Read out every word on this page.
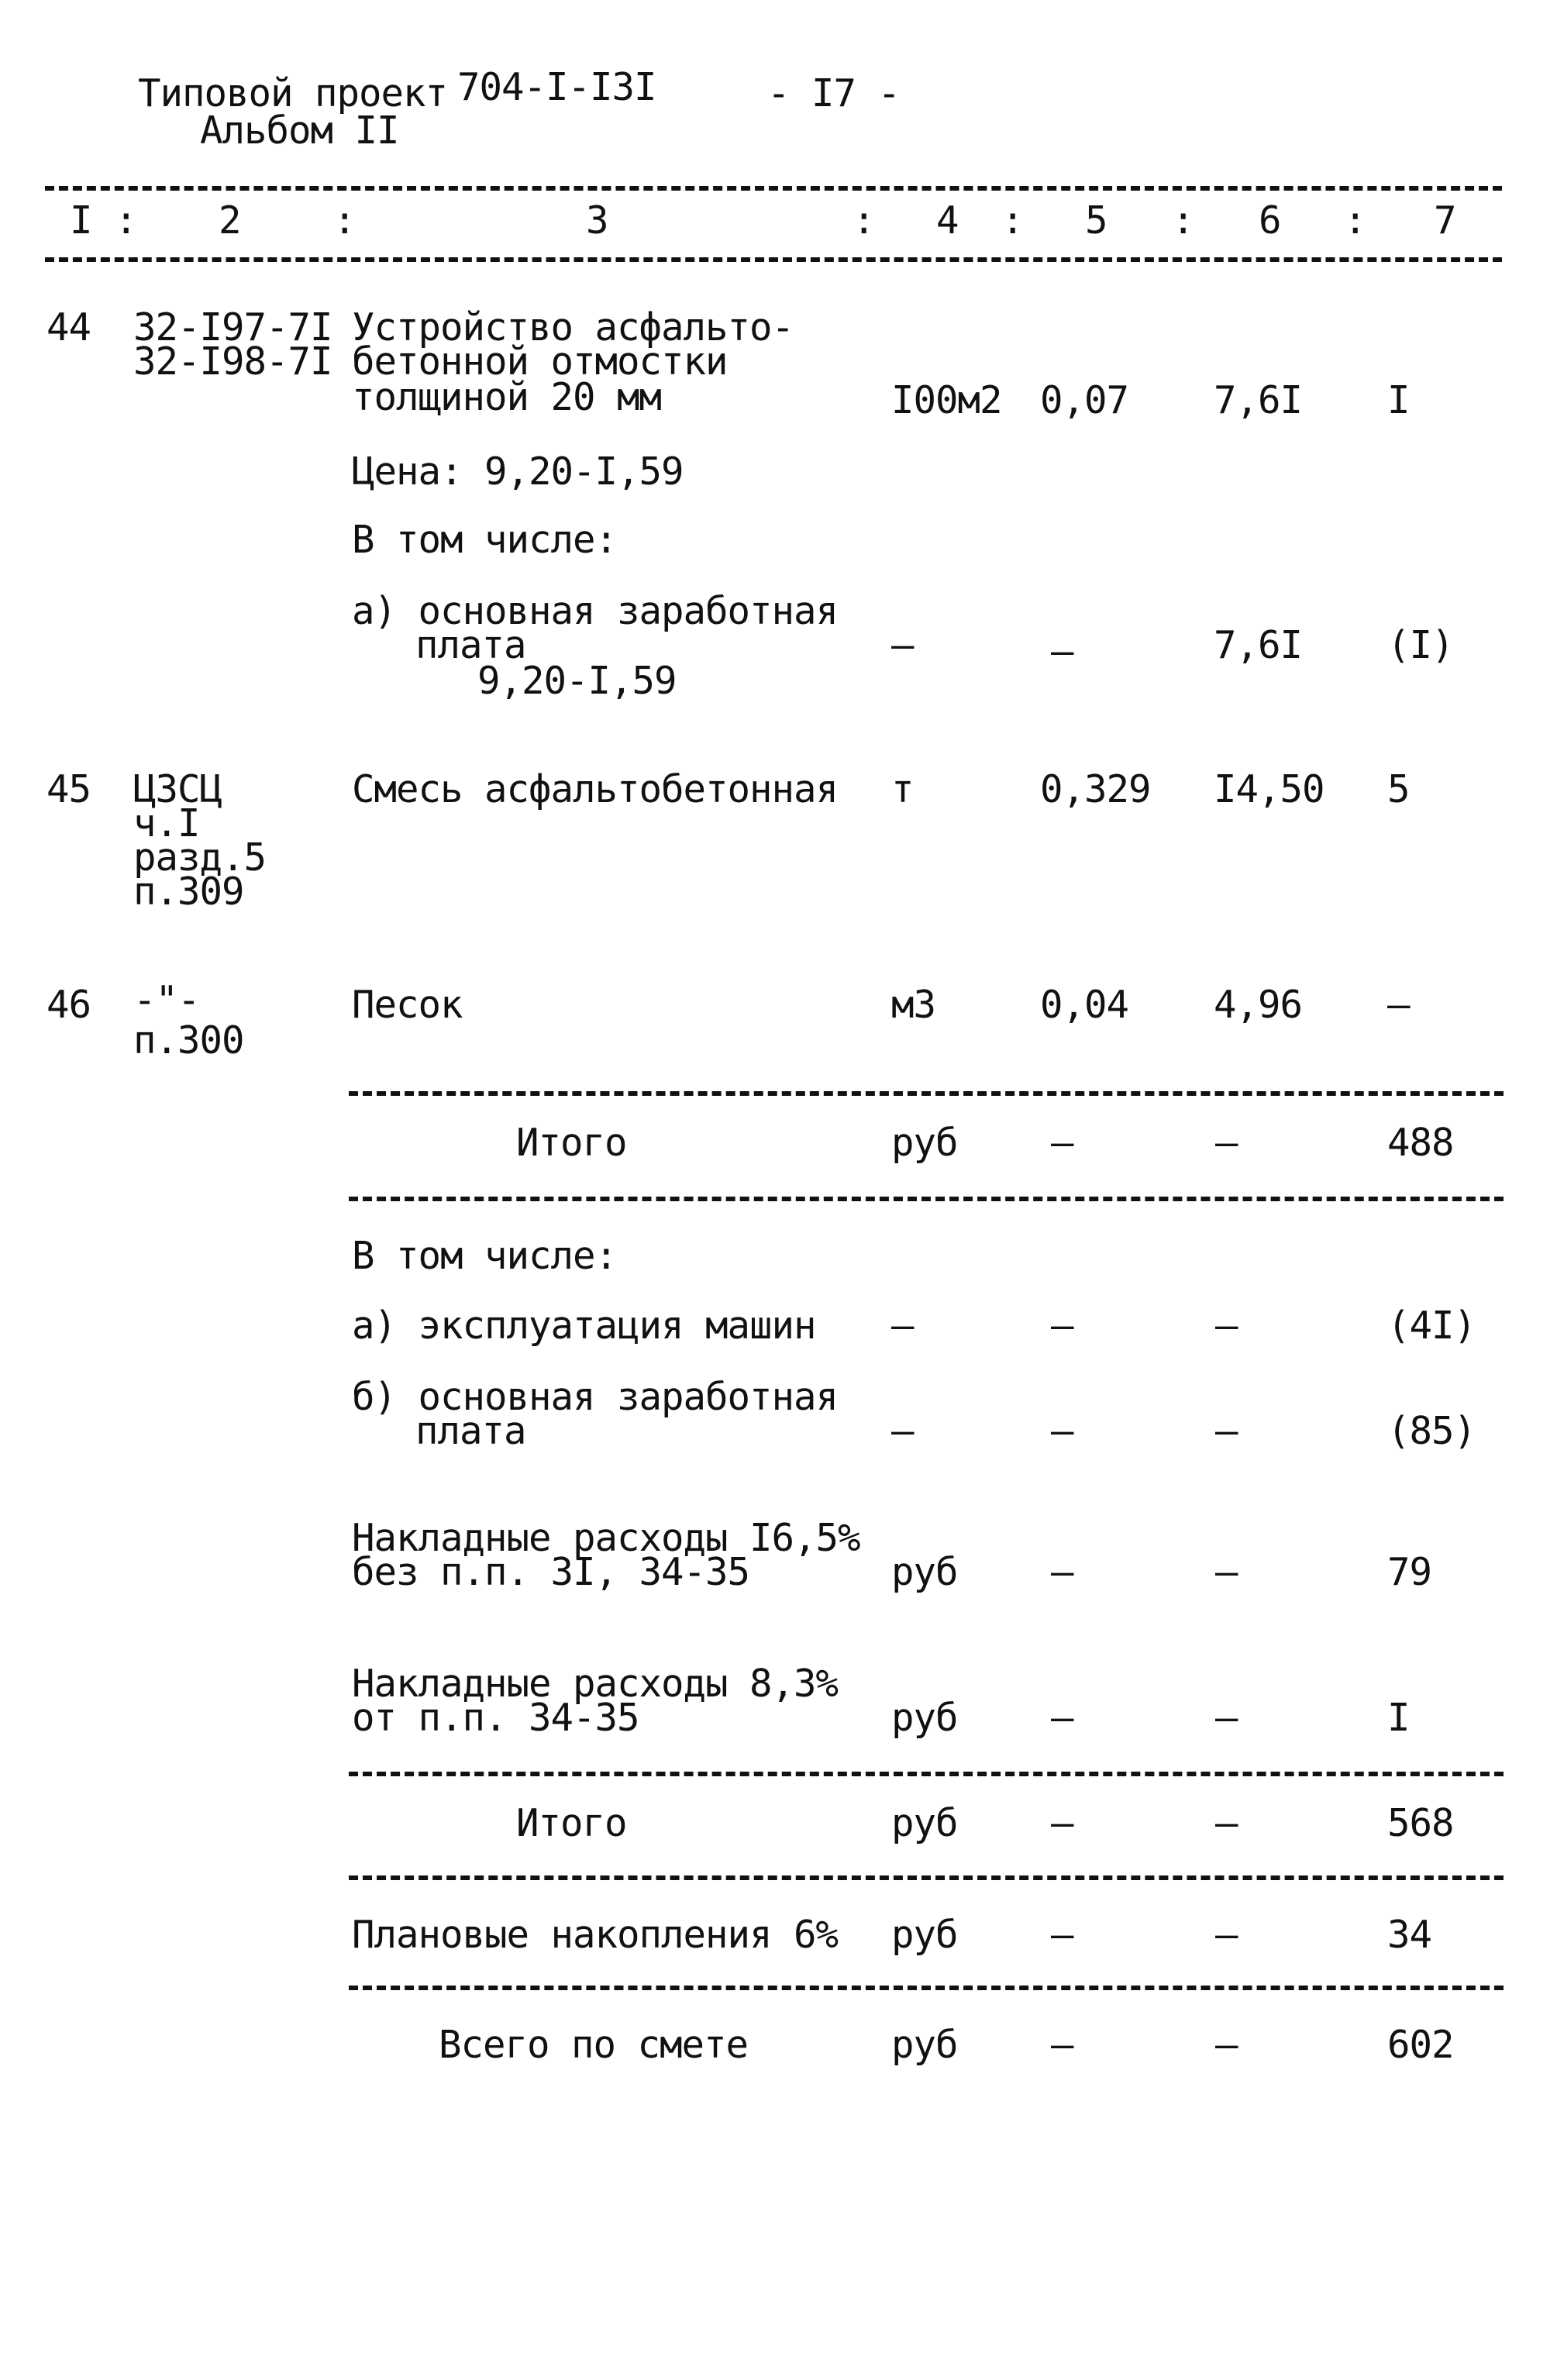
Типовой проект 704-I-I3I	- I7 -
Альбом II
I : 2 :	3	: 4 : 5 : 6 : 7
44 32-I97-7I
32-I98-7I
Устройство асфальто-
бетонной отмостки
толщиной 20 мм	I00м2 0,07 7,6I I
Цена: 9,20-I,59
В том числе:
а) основная заработная
плата
9,20-I,59
–	–	7,6I (I)
45 ЦЗСЦ
ч.I
разд.5
п.309
Смесь асфальтобетонная т	0,329 I4,50 5
46 -"-
п.300
Песок	м3	0,04 4,96 –
Итого	руб –	–	488
В том числе:
а) эксплуатация машин –	–	–	(4I)
б) основная заработная
плата	–	–	–	(85)
Накладные расходы I6,5%
без п.п. 3I, 34-35	руб –	–	79
Накладные расходы 8,3%
от п.п. 34-35	руб –	–	I
Итого	руб –	–	568
Плановые накопления 6% руб –	–	34
Всего по смете	руб –	–	602
